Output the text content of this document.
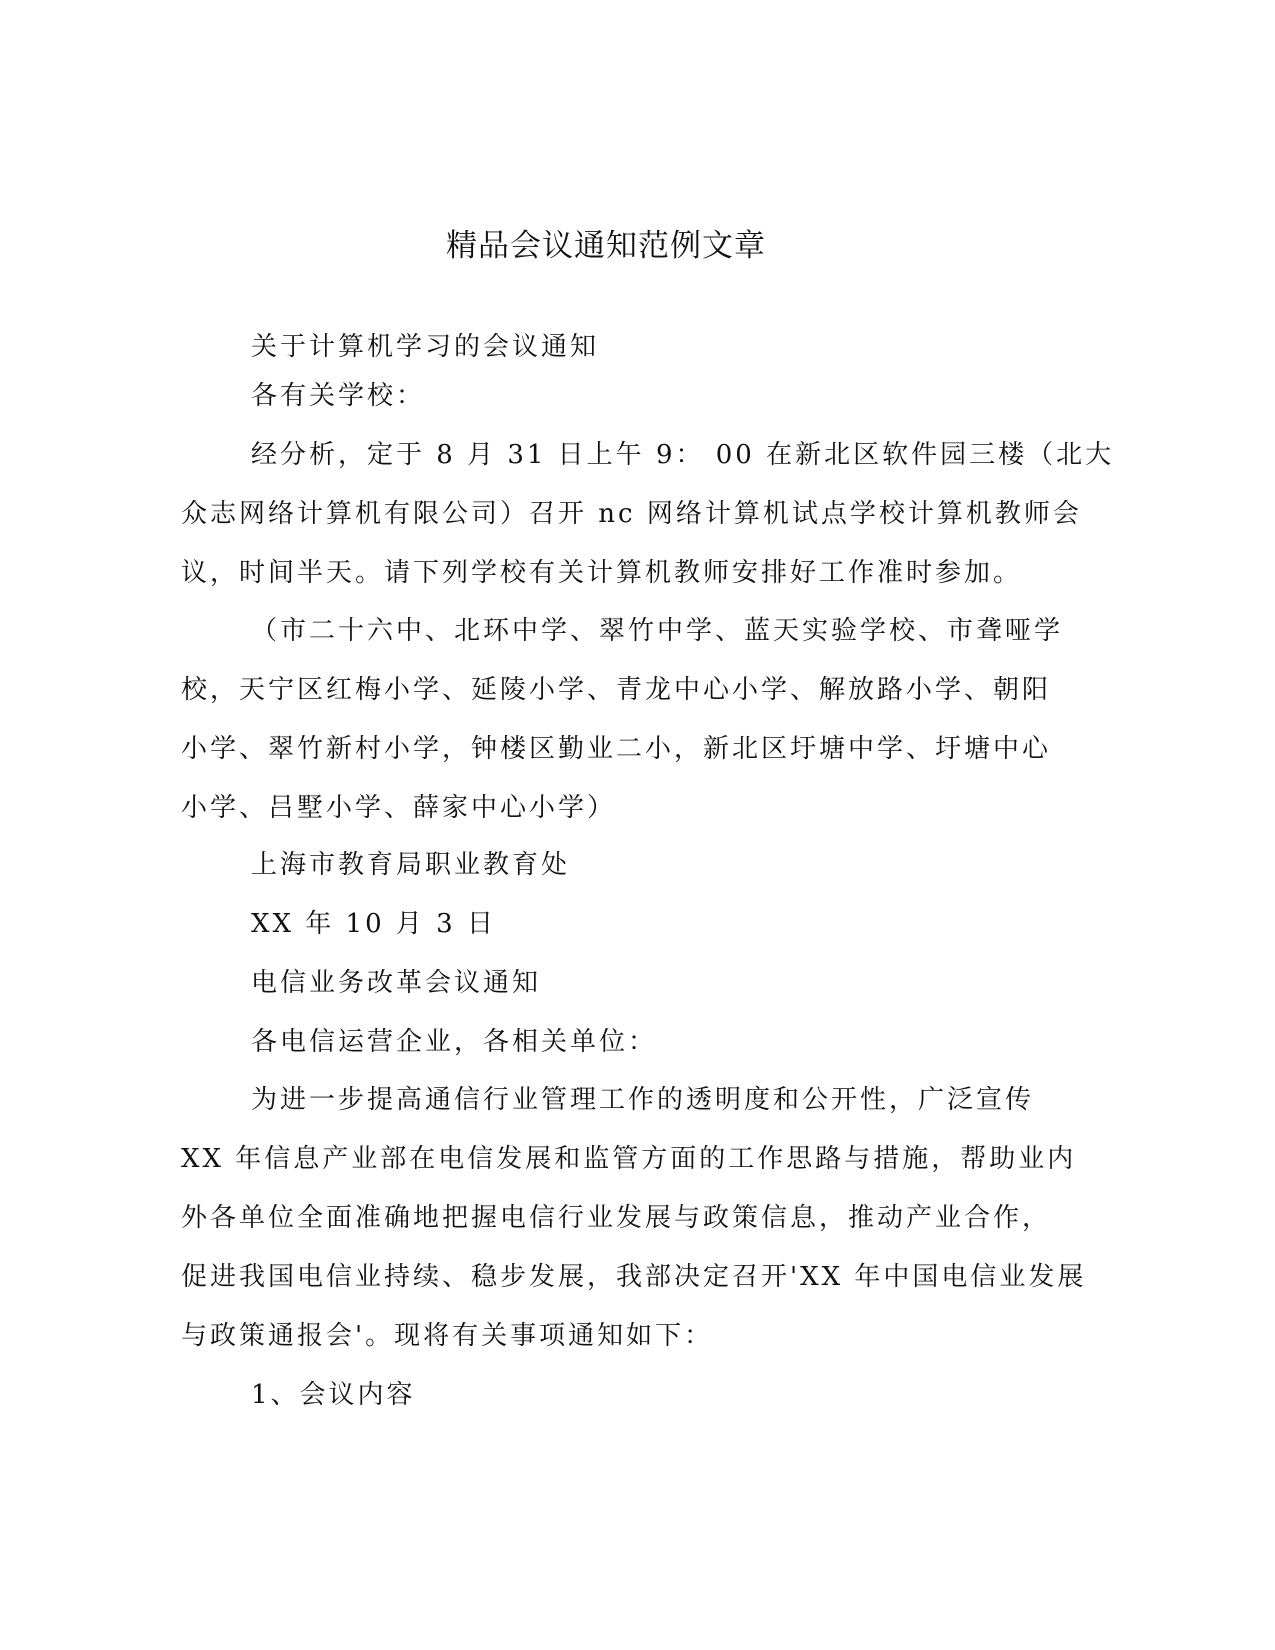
精品会议通知范例文章

关于计算机学习的会议通知

各有关学校：

经分析，定于 8 月 31 日上午 9： 00 在新北区软件园三楼（北大
众志网络计算机有限公司）召开 nc 网络计算机试点学校计算机教师会
议，时间半天。请下列学校有关计算机教师安排好工作准时参加。
（市二十六中、北环中学、翠竹中学、蓝天实验学校、市聋哑学
校，天宁区红梅小学、延陵小学、青龙中心小学、解放路小学、朝阳
小学、翠竹新村小学，钟楼区勤业二小，新北区圩塘中学、圩塘中心
小学、吕墅小学、薛家中心小学）

上海市教育局职业教育处

XX 年 10 月 3 日

电信业务改革会议通知

各电信运营企业，各相关单位：

为进一步提高通信行业管理工作的透明度和公开性，广泛宣传
XX 年信息产业部在电信发展和监管方面的工作思路与措施，帮助业内
外各单位全面准确地把握电信行业发展与政策信息，推动产业合作，
促进我国电信业持续、稳步发展，我部决定召开'XX 年中国电信业发展
与政策通报会'。现将有关事项通知如下：

1、会议内容
